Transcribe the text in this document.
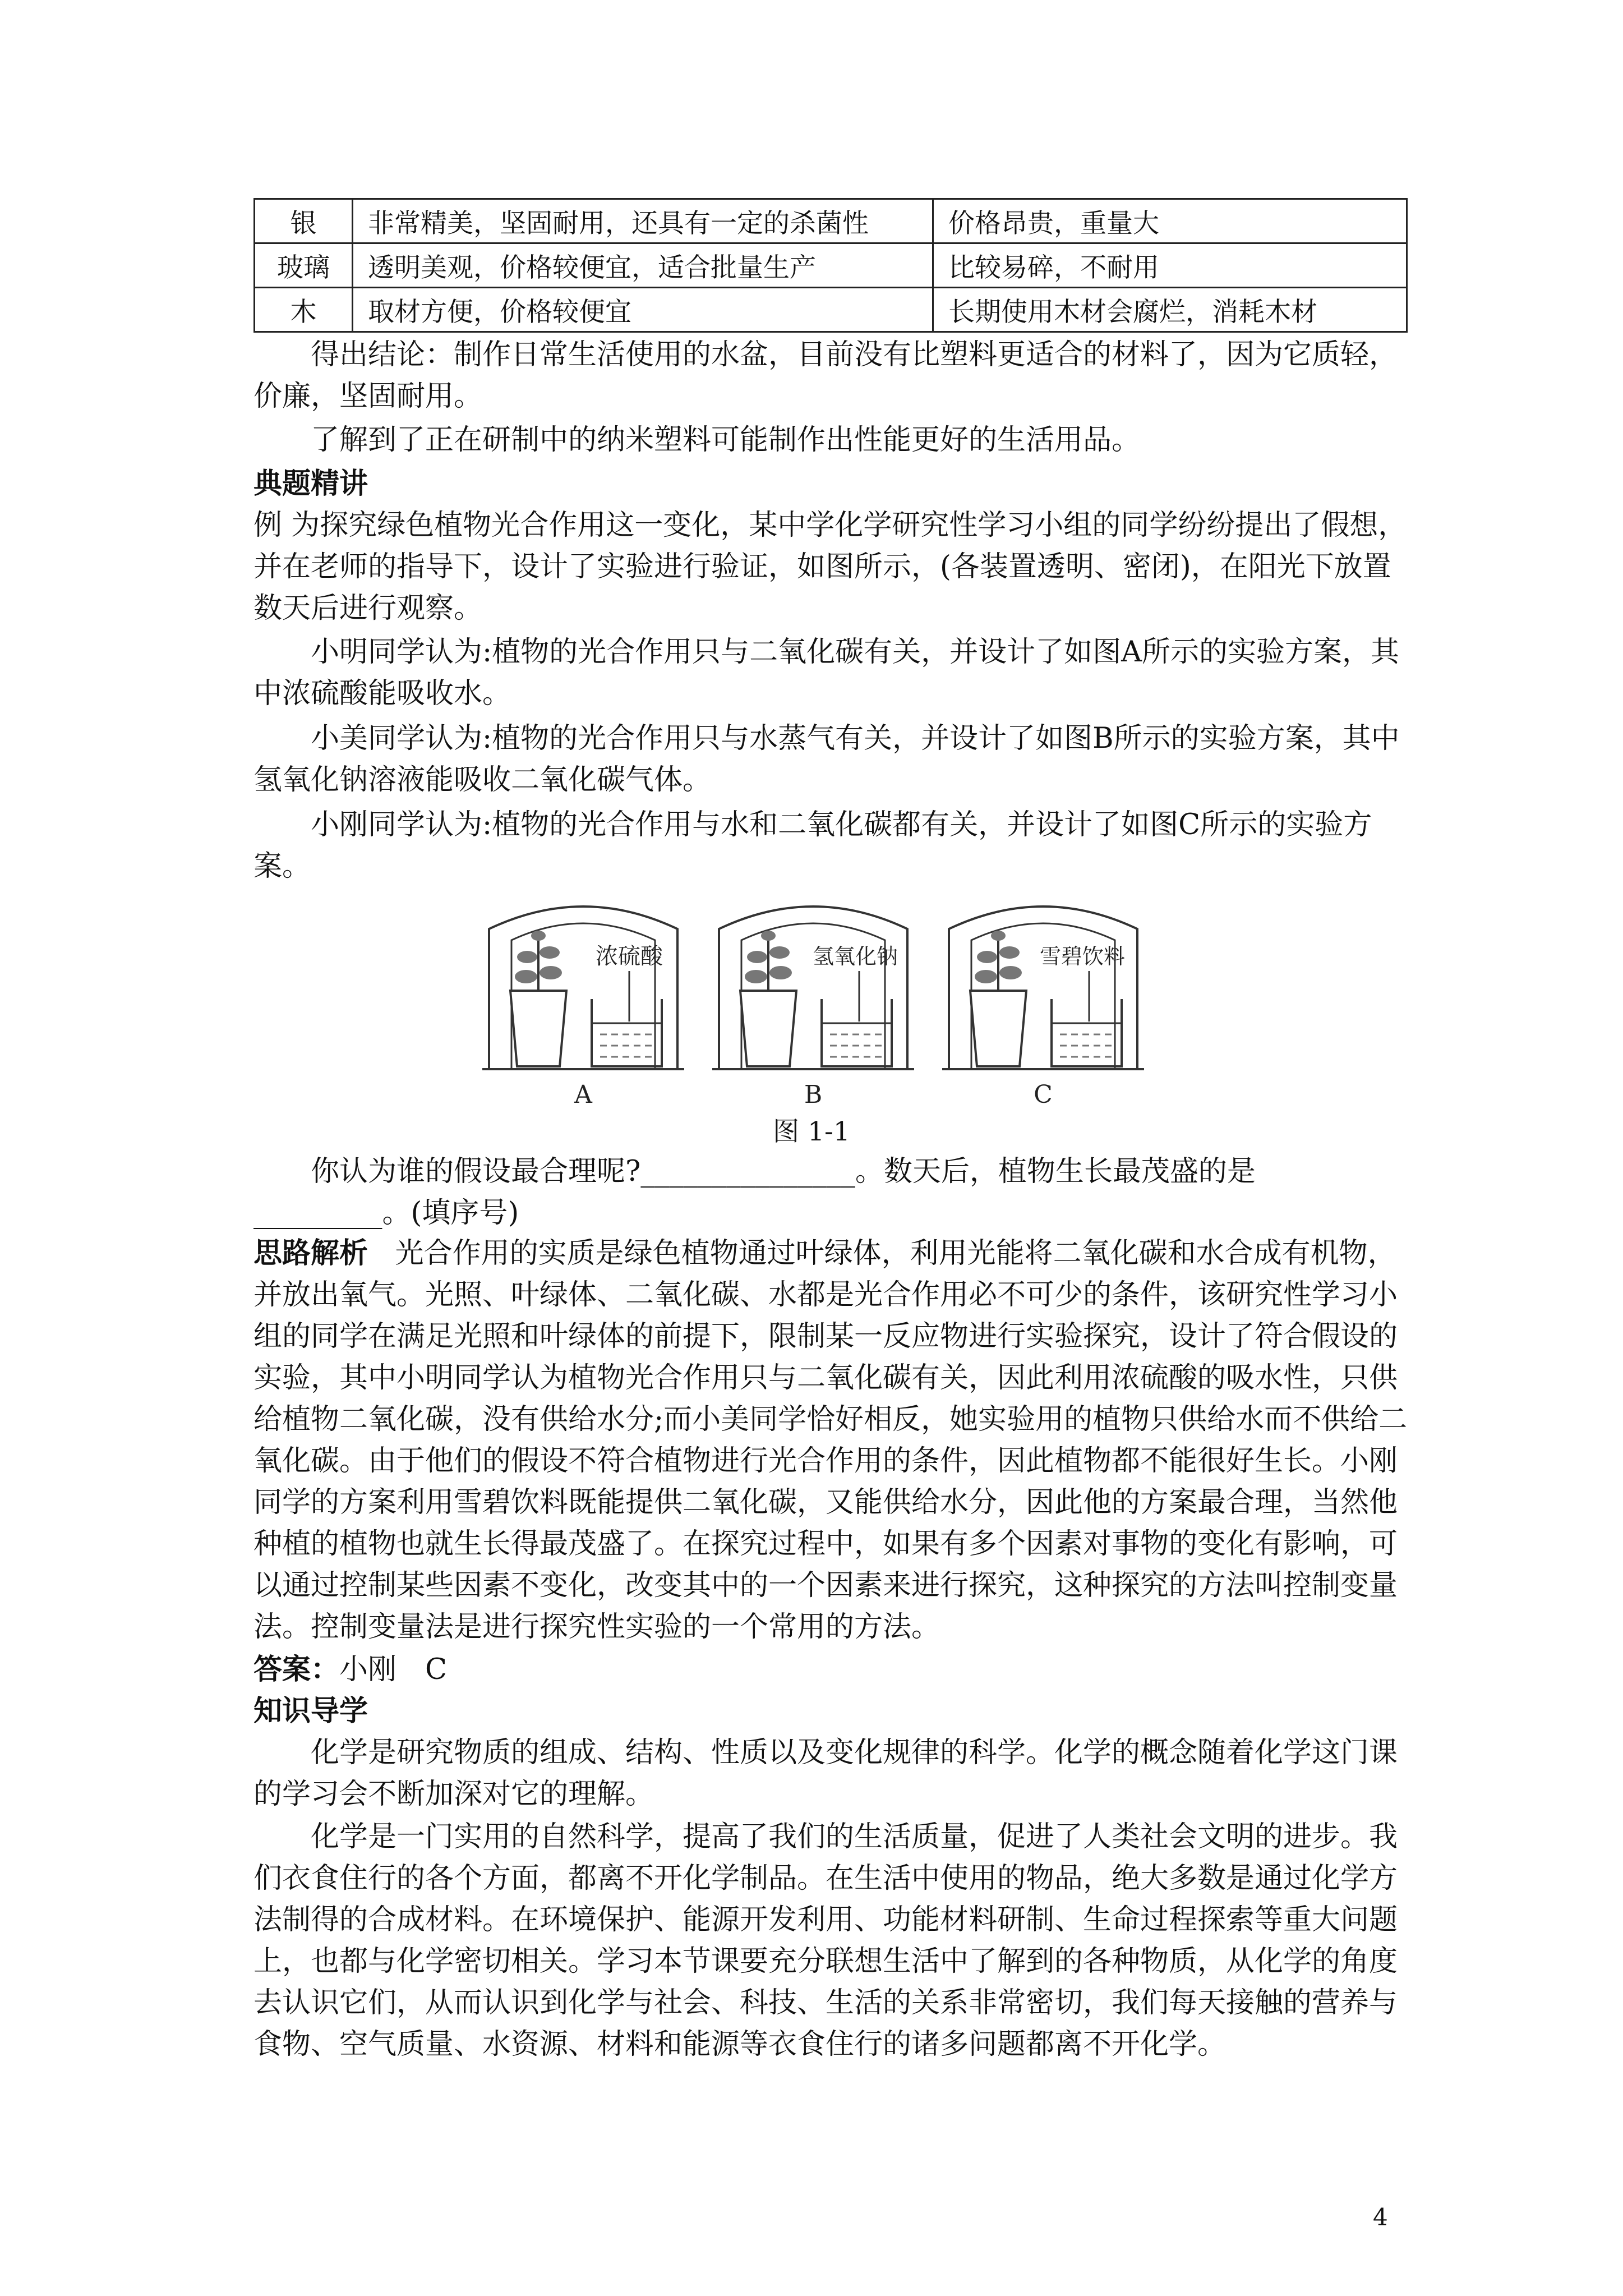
银	非常精美，坚固耐用，还具有一定的杀菌性	价格昂贵，重量大
玻璃	透明美观，价格较便宜，适合批量生产	比较易碎，不耐用
木	取材方便，价格较便宜	长期使用木材会腐烂，消耗木材

得出结论：制作日常生活使用的水盆，目前没有比塑料更适合的材料了，因为它质轻，价廉，坚固耐用。

了解到了正在研制中的纳米塑料可能制作出性能更好的生活用品。

典题精讲

例 为探究绿色植物光合作用这一变化，某中学化学研究性学习小组的同学纷纷提出了假想，并在老师的指导下，设计了实验进行验证，如图所示，(各装置透明、密闭)，在阳光下放置数天后进行观察。

小明同学认为:植物的光合作用只与二氧化碳有关，并设计了如图A所示的实验方案，其中浓硫酸能吸收水。

小美同学认为:植物的光合作用只与水蒸气有关，并设计了如图B所示的实验方案，其中氢氧化钠溶液能吸收二氧化碳气体。

小刚同学认为:植物的光合作用与水和二氧化碳都有关，并设计了如图C所示的实验方案。

浓硫酸
A
氢氧化钠
B
雪碧饮料
C
图 1-1

你认为谁的假设最合理呢?_______________。数天后，植物生长最茂盛的是_________。(填序号)

思路解析 光合作用的实质是绿色植物通过叶绿体，利用光能将二氧化碳和水合成有机物，并放出氧气。光照、叶绿体、二氧化碳、水都是光合作用必不可少的条件，该研究性学习小组的同学在满足光照和叶绿体的前提下，限制某一反应物进行实验探究，设计了符合假设的实验，其中小明同学认为植物光合作用只与二氧化碳有关，因此利用浓硫酸的吸水性，只供给植物二氧化碳，没有供给水分;而小美同学恰好相反，她实验用的植物只供给水而不供给二氧化碳。由于他们的假设不符合植物进行光合作用的条件，因此植物都不能很好生长。小刚同学的方案利用雪碧饮料既能提供二氧化碳，又能供给水分，因此他的方案最合理，当然他种植的植物也就生长得最茂盛了。在探究过程中，如果有多个因素对事物的变化有影响，可以通过控制某些因素不变化，改变其中的一个因素来进行探究，这种探究的方法叫控制变量法。控制变量法是进行探究性实验的一个常用的方法。

答案：小刚　C

知识导学

化学是研究物质的组成、结构、性质以及变化规律的科学。化学的概念随着化学这门课的学习会不断加深对它的理解。

化学是一门实用的自然科学，提高了我们的生活质量，促进了人类社会文明的进步。我们衣食住行的各个方面，都离不开化学制品。在生活中使用的物品，绝大多数是通过化学方法制得的合成材料。在环境保护、能源开发利用、功能材料研制、生命过程探索等重大问题上，也都与化学密切相关。学习本节课要充分联想生活中了解到的各种物质，从化学的角度去认识它们，从而认识到化学与社会、科技、生活的关系非常密切，我们每天接触的营养与食物、空气质量、水资源、材料和能源等衣食住行的诸多问题都离不开化学。

4
